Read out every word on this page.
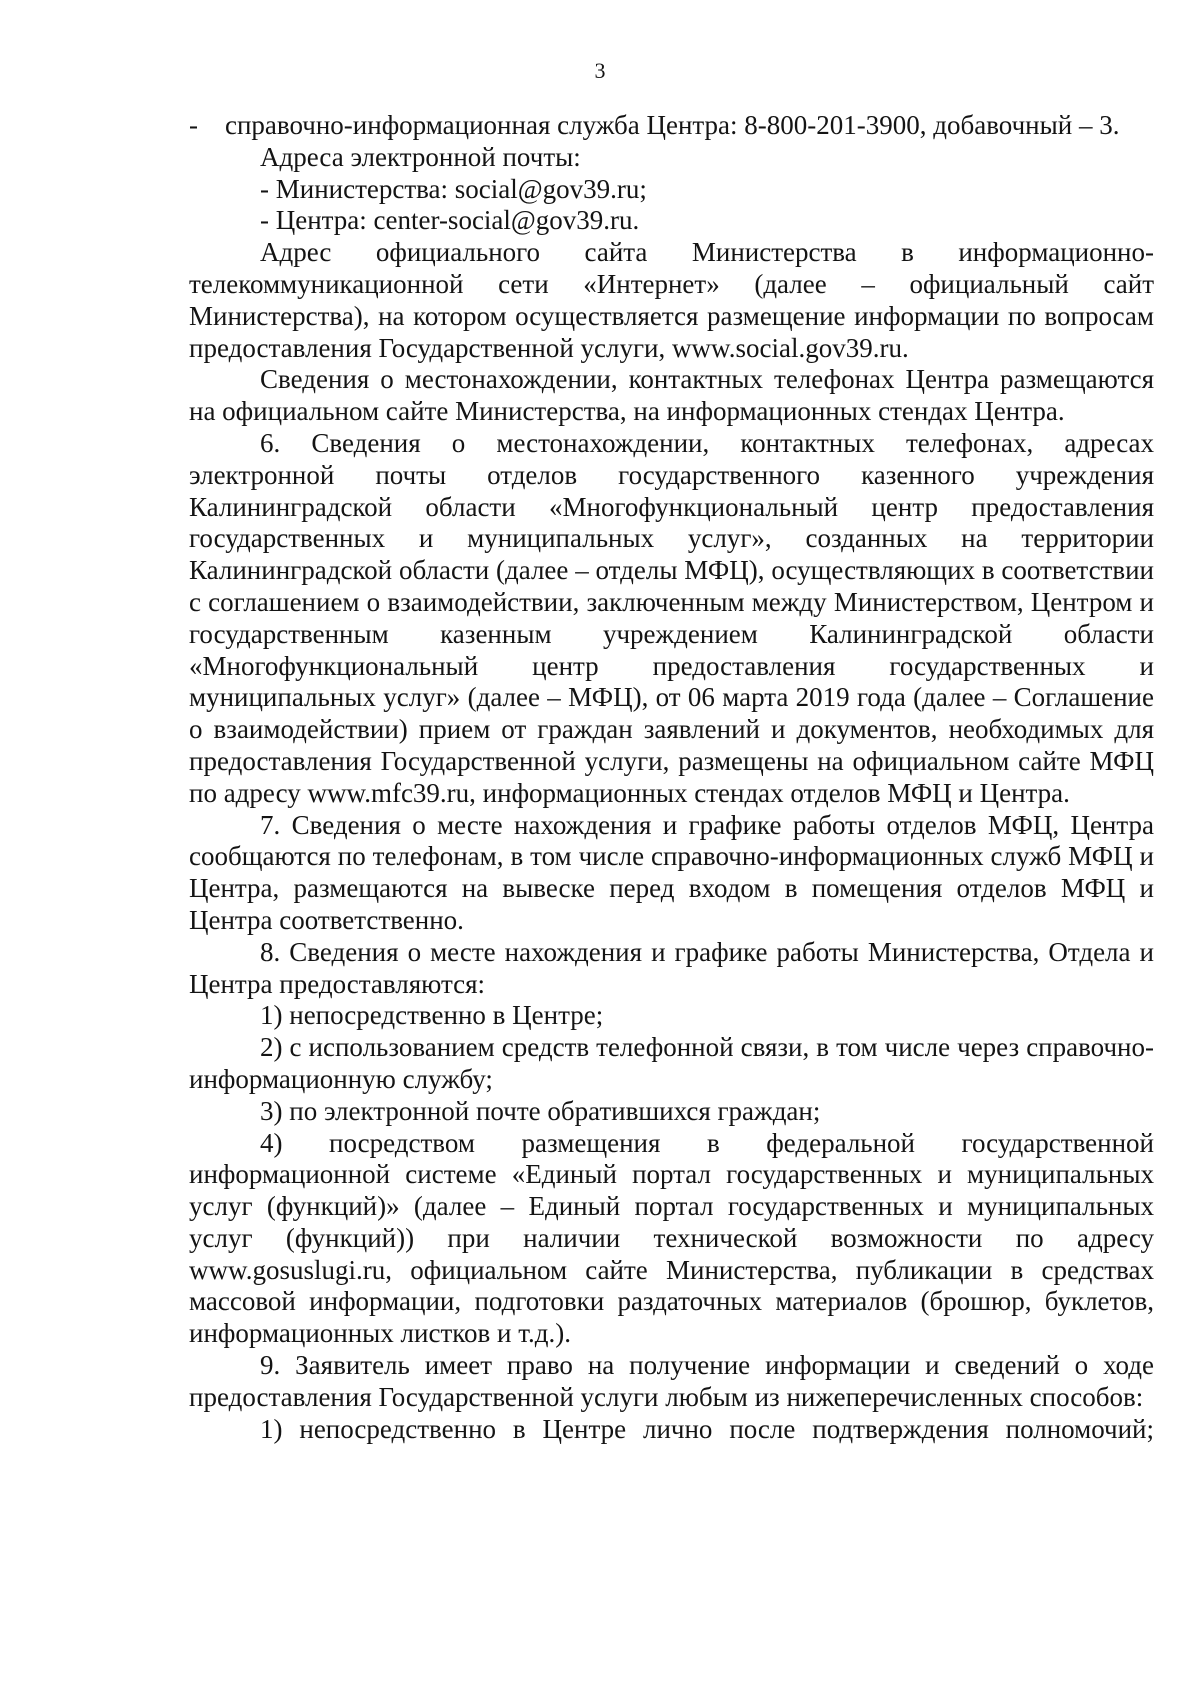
3

-    справочно-информационная служба Центра: 8-800-201-3900, добавочный – 3.

Адреса электронной почты:

- Министерства: social@gov39.ru;

- Центра: center-social@gov39.ru.

Адрес официального сайта Министерства в информационно-телекоммуникационной сети «Интернет» (далее – официальный сайт Министерства), на котором осуществляется размещение информации по вопросам предоставления Государственной услуги, www.social.gov39.ru.

Сведения о местонахождении, контактных телефонах Центра размещаются на официальном сайте Министерства, на информационных стендах Центра.

6. Сведения о местонахождении, контактных телефонах, адресах электронной почты отделов государственного казенного учреждения Калининградской области «Многофункциональный центр предоставления государственных и муниципальных услуг», созданных на территории Калининградской области (далее – отделы МФЦ), осуществляющих в соответствии с соглашением о взаимодействии, заключенным между Министерством, Центром и государственным казенным учреждением Калининградской области «Многофункциональный центр предоставления государственных и муниципальных услуг» (далее – МФЦ), от 06 марта 2019 года (далее – Соглашение о взаимодействии) прием от граждан заявлений и документов, необходимых для предоставления Государственной услуги, размещены на официальном сайте МФЦ по адресу www.mfc39.ru, информационных стендах отделов МФЦ и Центра.

7. Сведения о месте нахождения и графике работы отделов МФЦ, Центра сообщаются по телефонам, в том числе справочно-информационных служб МФЦ и Центра, размещаются на вывеске перед входом в помещения отделов МФЦ и Центра соответственно.

8. Сведения о месте нахождения и графике работы Министерства, Отдела и Центра предоставляются:

1) непосредственно в Центре;

2) с использованием средств телефонной связи, в том числе через справочно-информационную службу;

3) по электронной почте обратившихся граждан;

4) посредством размещения в федеральной государственной информационной системе «Единый портал государственных и муниципальных услуг (функций)» (далее – Единый портал государственных и муниципальных услуг (функций)) при наличии технической возможности по адресу www.gosuslugi.ru, официальном сайте Министерства, публикации в средствах массовой информации, подготовки раздаточных материалов (брошюр, буклетов, информационных листков и т.д.).

9. Заявитель имеет право на получение информации и сведений о ходе предоставления Государственной услуги любым из нижеперечисленных способов:

1) непосредственно в Центре лично после подтверждения полномочий;
